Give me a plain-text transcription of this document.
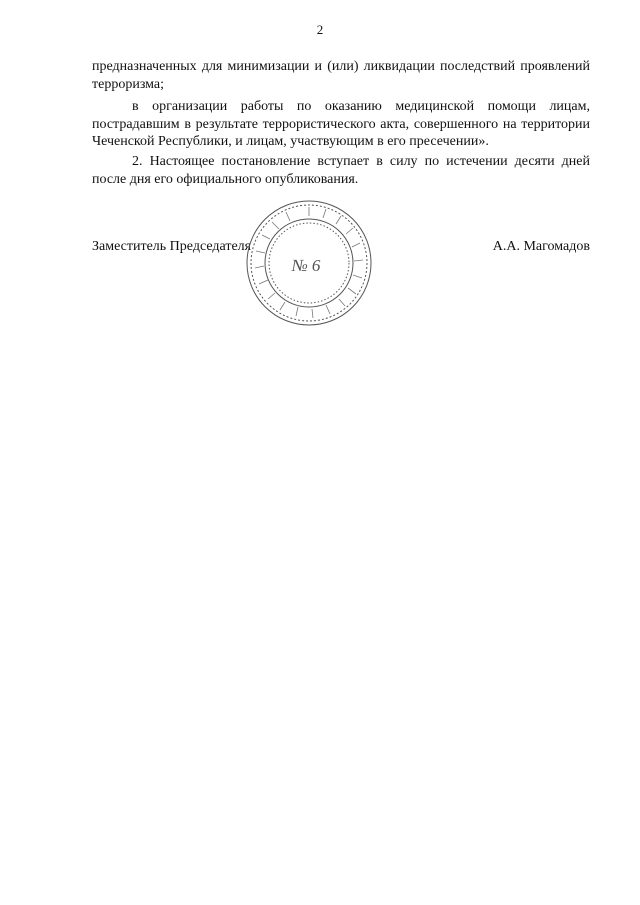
2
предназначенных для минимизации и (или) ликвидации последствий проявлений
терроризма;
в организации работы по оказанию медицинской помощи лицам,
пострадавшим в результате террористического акта, совершенного на территории
Чеченской Республики, и лицам, участвующим в его пресечении».
2. Настоящее постановление вступает в силу по истечении десяти дней
после дня его официального опубликования.
Заместитель Председателя	А.А. Магомадов
№ 6
